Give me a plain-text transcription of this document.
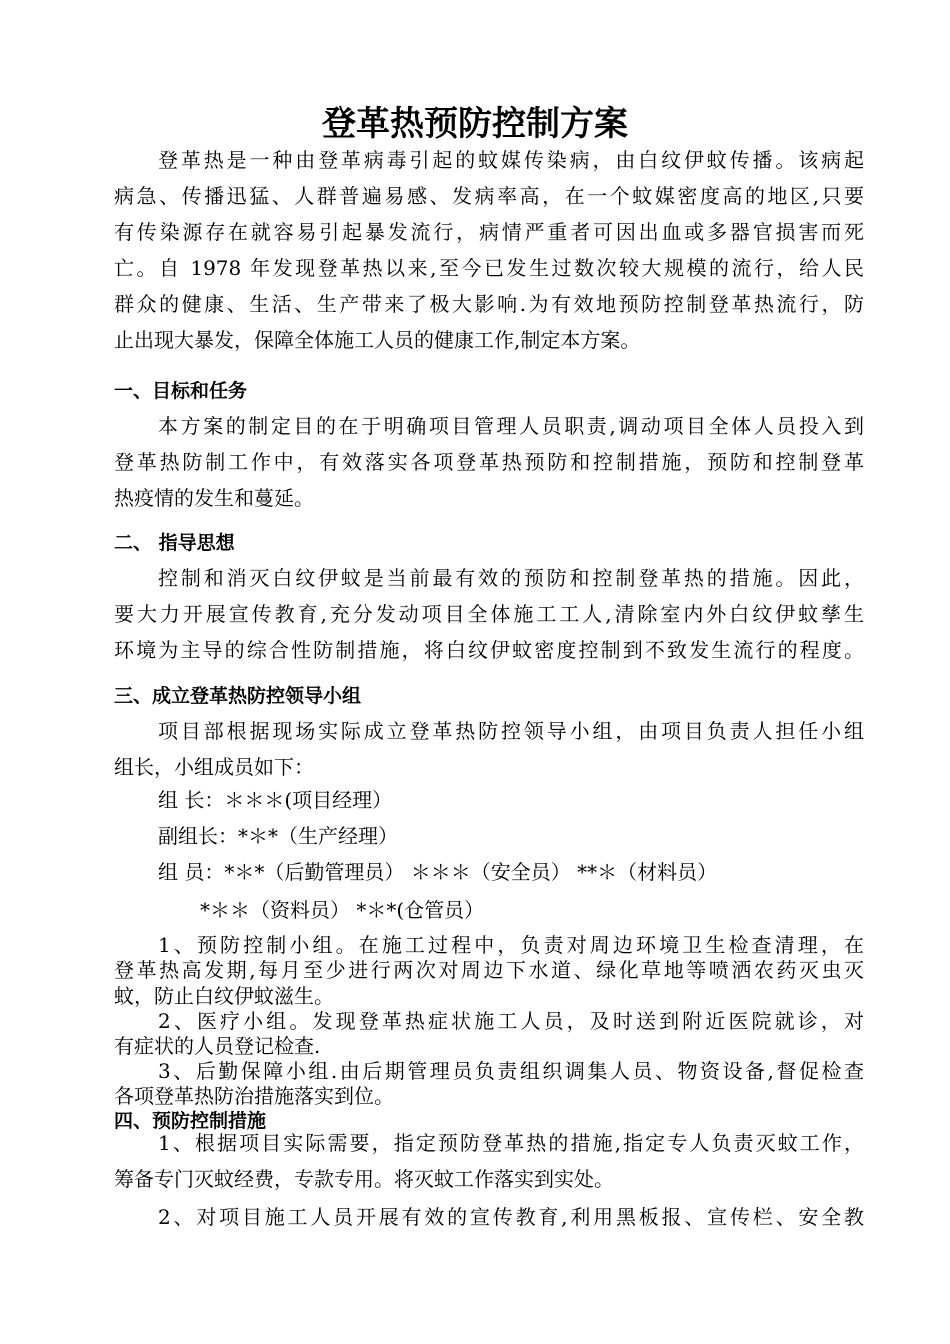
登革热预防控制方案
登革热是一种由登革病毒引起的蚊媒传染病，由白纹伊蚊传播。该病起
病急、传播迅猛、人群普遍易感、发病率高，在一个蚊媒密度高的地区,只要
有传染源存在就容易引起暴发流行，病情严重者可因出血或多器官损害而死
亡。自 1978 年发现登革热以来,至今已发生过数次较大规模的流行，给人民
群众的健康、生活、生产带来了极大影响.为有效地预防控制登革热流行，防
止出现大暴发，保障全体施工人员的健康工作,制定本方案。
一、目标和任务
本方案的制定目的在于明确项目管理人员职责,调动项目全体人员投入到
登革热防制工作中，有效落实各项登革热预防和控制措施，预防和控制登革
热疫情的发生和蔓延。
二、 指导思想
控制和消灭白纹伊蚊是当前最有效的预防和控制登革热的措施。因此，
要大力开展宣传教育,充分发动项目全体施工工人,清除室内外白纹伊蚊孳生
环境为主导的综合性防制措施，将白纹伊蚊密度控制到不致发生流行的程度。
三、成立登革热防控领导小组
项目部根据现场实际成立登革热防控领导小组，由项目负责人担任小组
组长，小组成员如下：
组 长：＊＊＊(项目经理）
副组长：*＊*（生产经理）
组 员：*＊*（后勤管理员） ＊＊＊（安全员） **＊（材料员）
*＊＊（资料员） *＊*(仓管员）
1、预防控制小组。在施工过程中，负责对周边环境卫生检查清理，在
登革热高发期,每月至少进行两次对周边下水道、绿化草地等喷洒农药灭虫灭
蚊，防止白纹伊蚊滋生。
2、医疗小组。发现登革热症状施工人员，及时送到附近医院就诊，对
有症状的人员登记检查.
3、后勤保障小组.由后期管理员负责组织调集人员、物资设备,督促检查
各项登革热防治措施落实到位。
四、预防控制措施
1、根据项目实际需要，指定预防登革热的措施,指定专人负责灭蚊工作，
筹备专门灭蚊经费，专款专用。将灭蚊工作落实到实处。
2、对项目施工人员开展有效的宣传教育,利用黑板报、宣传栏、安全教
